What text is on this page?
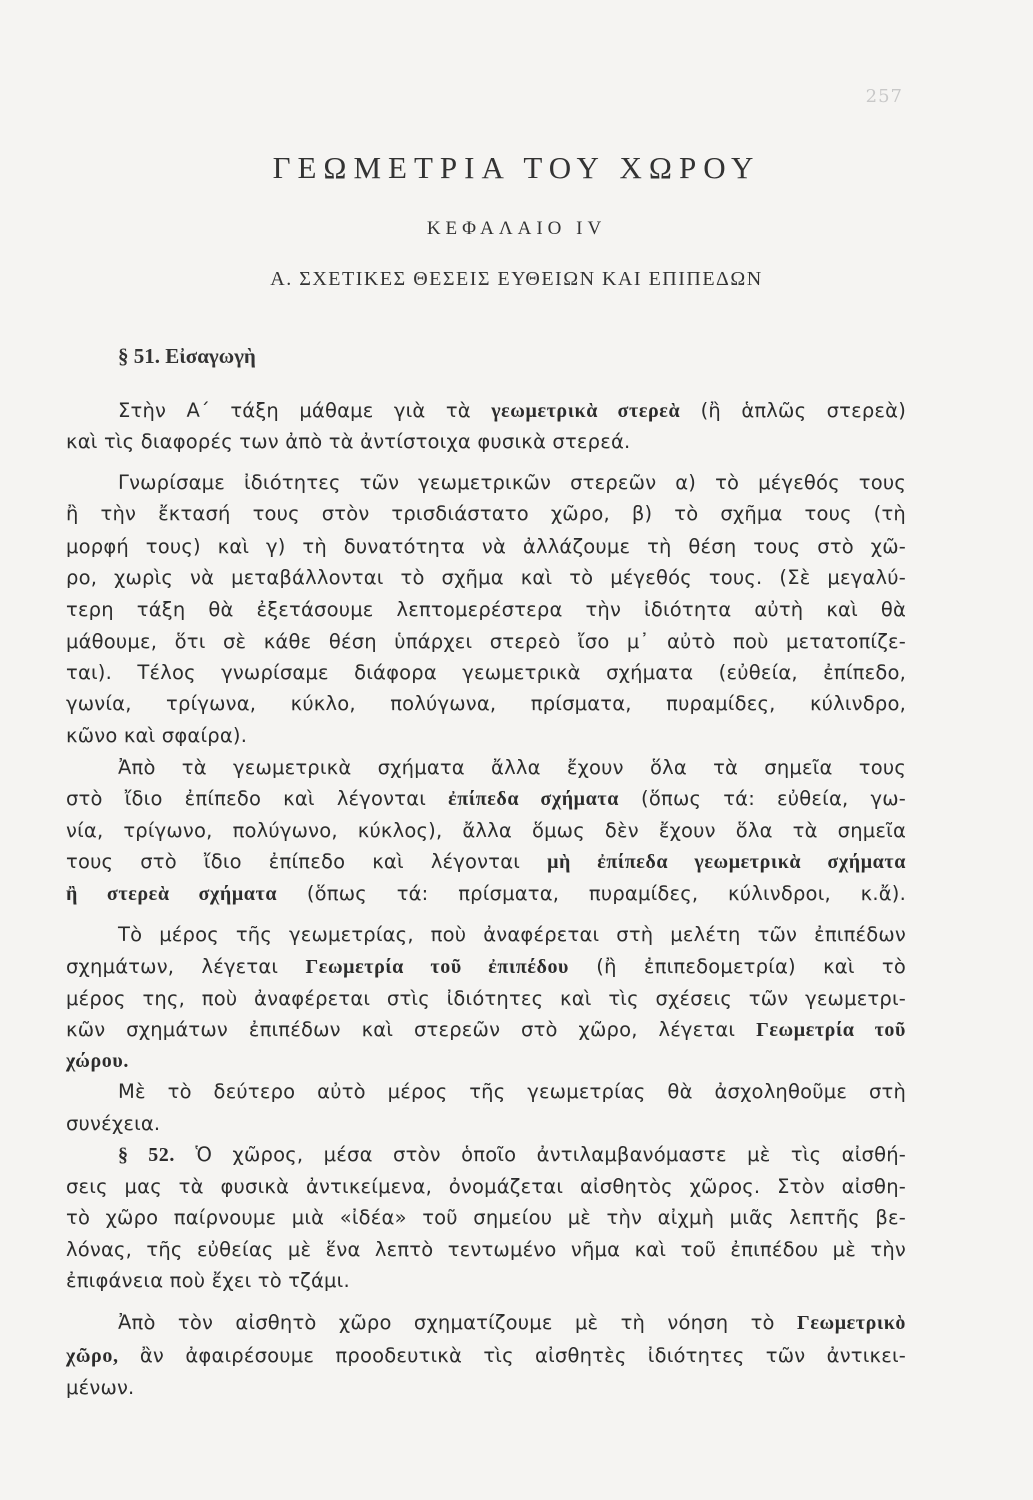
257
ΓΕΩΜΕΤΡΙΑ ΤΟΥ ΧΩΡΟΥ
ΚΕΦΑΛΑΙΟ IV
Α. ΣΧΕΤΙΚΕΣ ΘΕΣΕΙΣ ΕΥΘΕΙΩΝ ΚΑΙ ΕΠΙΠΕΔΩΝ
§ 51. Εἰσαγωγὴ
Στὴν Α΄ τάξη μάθαμε γιὰ τὰ γεωμετρικὰ στερεὰ (ἢ ἁπλῶς στερεὰ)
καὶ τὶς διαφορές των ἀπὸ τὰ ἀντίστοιχα φυσικὰ στερεά.
Γνωρίσαμε ἰδιότητες τῶν γεωμετρικῶν στερεῶν α) τὸ μέγεθός τους
ἢ τὴν ἔκτασή τους στὸν τρισδιάστατο χῶρο, β) τὸ σχῆμα τους (τὴ
μορφή τους) καὶ γ) τὴ δυνατότητα νὰ ἀλλάζουμε τὴ θέση τους στὸ χῶ-
ρο, χωρὶς νὰ μεταβάλλονται τὸ σχῆμα καὶ τὸ μέγεθός τους. (Σὲ μεγαλύ-
τερη τάξη θὰ ἐξετάσουμε λεπτομερέστερα τὴν ἰδιότητα αὐτὴ καὶ θὰ
μάθουμε, ὅτι σὲ κάθε θέση ὑπάρχει στερεὸ ἴσο μ᾽ αὐτὸ ποὺ μετατοπίζε-
ται). Τέλος γνωρίσαμε διάφορα γεωμετρικὰ σχήματα (εὐθεία, ἐπίπεδο,
γωνία, τρίγωνα, κύκλο, πολύγωνα, πρίσματα, πυραμίδες, κύλινδρο,
κῶνο καὶ σφαίρα).
Ἀπὸ τὰ γεωμετρικὰ σχήματα ἄλλα ἔχουν ὅλα τὰ σημεῖα τους
στὸ ἴδιο ἐπίπεδο καὶ λέγονται ἐπίπεδα σχήματα (ὅπως τά: εὐθεία, γω-
νία, τρίγωνο, πολύγωνο, κύκλος), ἄλλα ὅμως δὲν ἔχουν ὅλα τὰ σημεῖα
τους στὸ ἴδιο ἐπίπεδο καὶ λέγονται μὴ ἐπίπεδα γεωμετρικὰ σχήματα
ἢ στερεὰ σχήματα (ὅπως τά: πρίσματα, πυραμίδες, κύλινδροι, κ.ἄ).
Τὸ μέρος τῆς γεωμετρίας, ποὺ ἀναφέρεται στὴ μελέτη τῶν ἐπιπέδων
σχημάτων, λέγεται Γεωμετρία τοῦ ἐπιπέδου (ἢ ἐπιπεδομετρία) καὶ τὸ
μέρος της, ποὺ ἀναφέρεται στὶς ἰδιότητες καὶ τὶς σχέσεις τῶν γεωμετρι-
κῶν σχημάτων ἐπιπέδων καὶ στερεῶν στὸ χῶρο, λέγεται Γεωμετρία τοῦ
χώρου.
Μὲ τὸ δεύτερο αὐτὸ μέρος τῆς γεωμετρίας θὰ ἀσχοληθοῦμε στὴ
συνέχεια.
§ 52. Ὁ χῶρος, μέσα στὸν ὁποῖο ἀντιλαμβανόμαστε μὲ τὶς αἰσθή-
σεις μας τὰ φυσικὰ ἀντικείμενα, ὀνομάζεται αἰσθητὸς χῶρος. Στὸν αἰσθη-
τὸ χῶρο παίρνουμε μιὰ «ἰδέα» τοῦ σημείου μὲ τὴν αἰχμὴ μιᾶς λεπτῆς βε-
λόνας, τῆς εὐθείας μὲ ἕνα λεπτὸ τεντωμένο νῆμα καὶ τοῦ ἐπιπέδου μὲ τὴν
ἐπιφάνεια ποὺ ἔχει τὸ τζάμι.
Ἀπὸ τὸν αἰσθητὸ χῶρο σχηματίζουμε μὲ τὴ νόηση τὸ Γεωμετρικὸ
χῶρο, ἂν ἀφαιρέσουμε προοδευτικὰ τὶς αἰσθητὲς ἰδιότητες τῶν ἀντικει-
μένων.
